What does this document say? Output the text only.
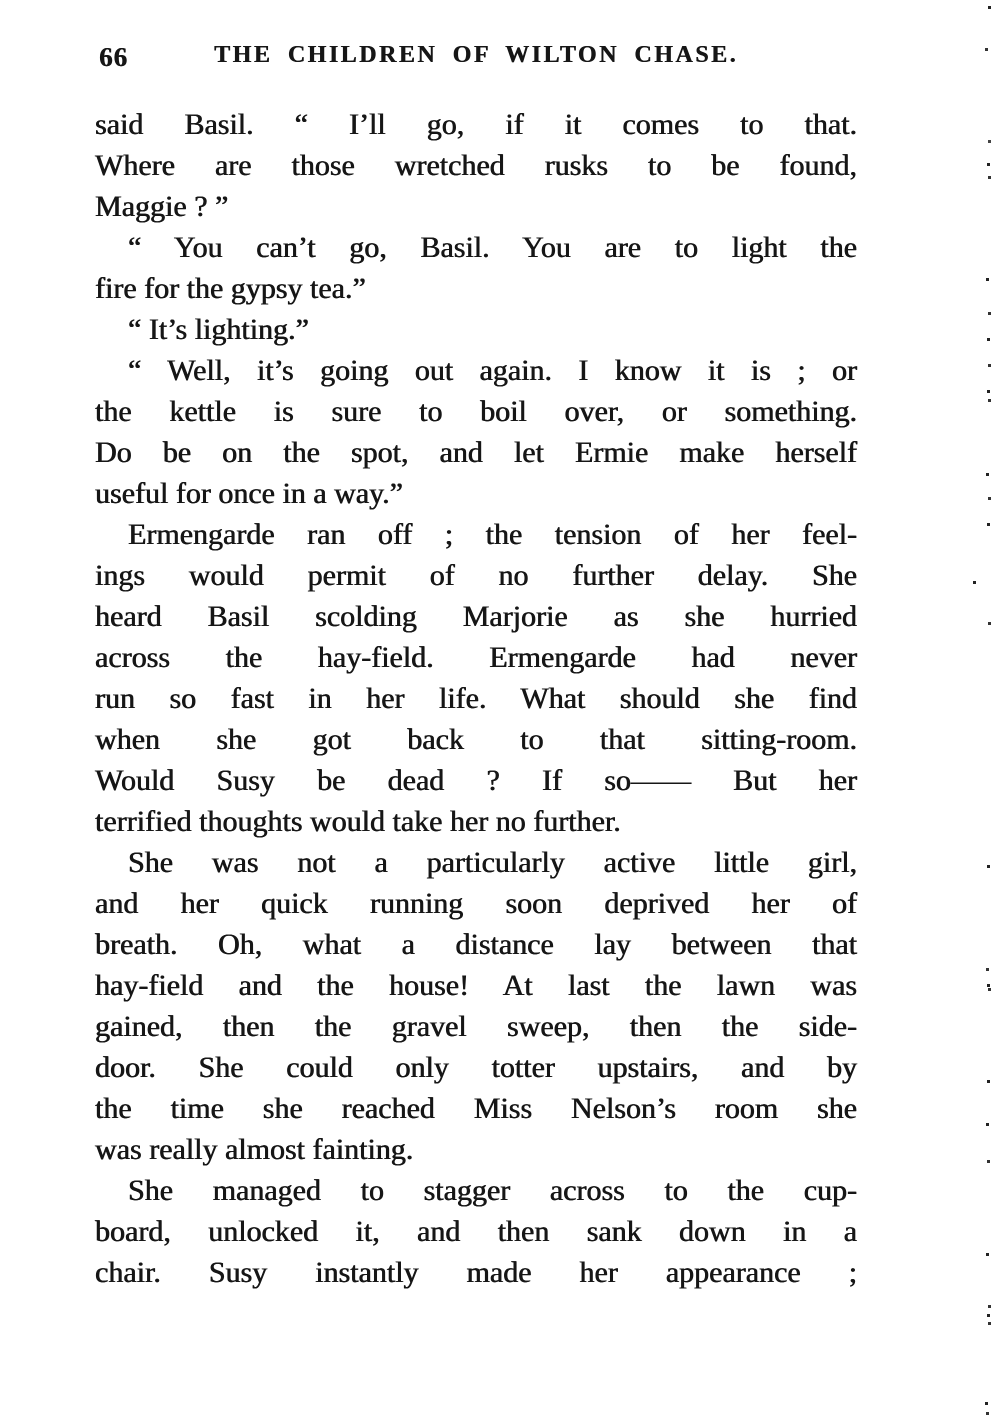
66	THE CHILDREN OF WILTON CHASE.
said Basil. “ I’ll go, if it comes to that.
Where are those wretched rusks to be found,
Maggie ? ”
“ You can’t go, Basil. You are to light the
fire for the gypsy tea.”
“ It’s lighting.”
“ Well, it’s going out again. I know it is ; or
the kettle is sure to boil over, or something.
Do be on the spot, and let Ermie make herself
useful for once in a way.”
Ermengarde ran off ; the tension of her feel-
ings would permit of no further delay. She
heard Basil scolding Marjorie as she hurried
across the hay-field. Ermengarde had never
run so fast in her life. What should she find
when she got back to that sitting-room.
Would Susy be dead ? If so—— But her
terrified thoughts would take her no further.
She was not a particularly active little girl,
and her quick running soon deprived her of
breath. Oh, what a distance lay between that
hay-field and the house! At last the lawn was
gained, then the gravel sweep, then the side-
door. She could only totter upstairs, and by
the time she reached Miss Nelson’s room she
was really almost fainting.
She managed to stagger across to the cup-
board, unlocked it, and then sank down in a
chair. Susy instantly made her appearance ;
